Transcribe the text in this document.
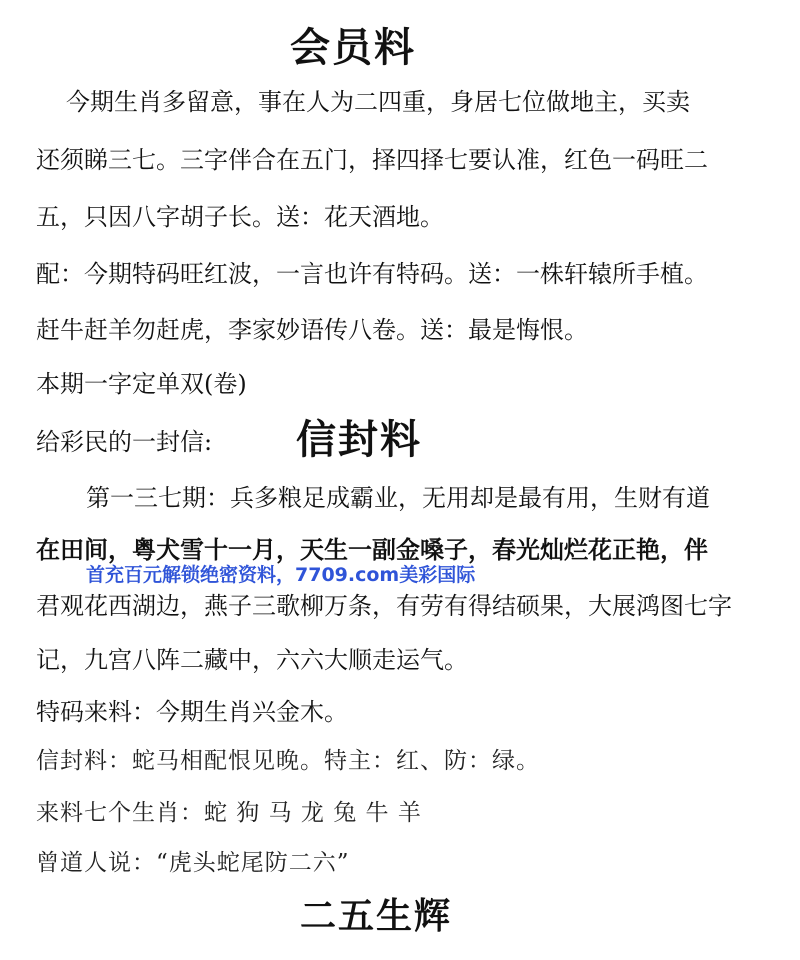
会员料
今期生肖多留意，事在人为二四重，身居七位做地主，买卖
还须睇三七。三字伴合在五门，择四择七要认准，红色一码旺二
五，只因八字胡子长。送：花天酒地。
配：今期特码旺红波，一言也许有特码。送：一株轩辕所手植。
赶牛赶羊勿赶虎，李家妙语传八卷。送：最是悔恨。
本期一字定单双(卷)
给彩民的一封信: 信封料
第一三七期：兵多粮足成霸业，无用却是最有用，生财有道
在田间，粤犬雪十一月，天生一副金嗓子，春光灿烂花正艳，伴
首充百元解锁绝密资料，7709.com美彩国际
君观花西湖边，燕子三歌柳万条，有劳有得结硕果，大展鸿图七字
记，九宫八阵二藏中，六六大顺走运气。
特码来料：今期生肖兴金木。
信封料：蛇马相配恨见晚。特主：红、防：绿。
来料七个生肖：蛇 狗 马 龙 兔 牛 羊
曾道人说：“虎头蛇尾防二六”
二五生辉
